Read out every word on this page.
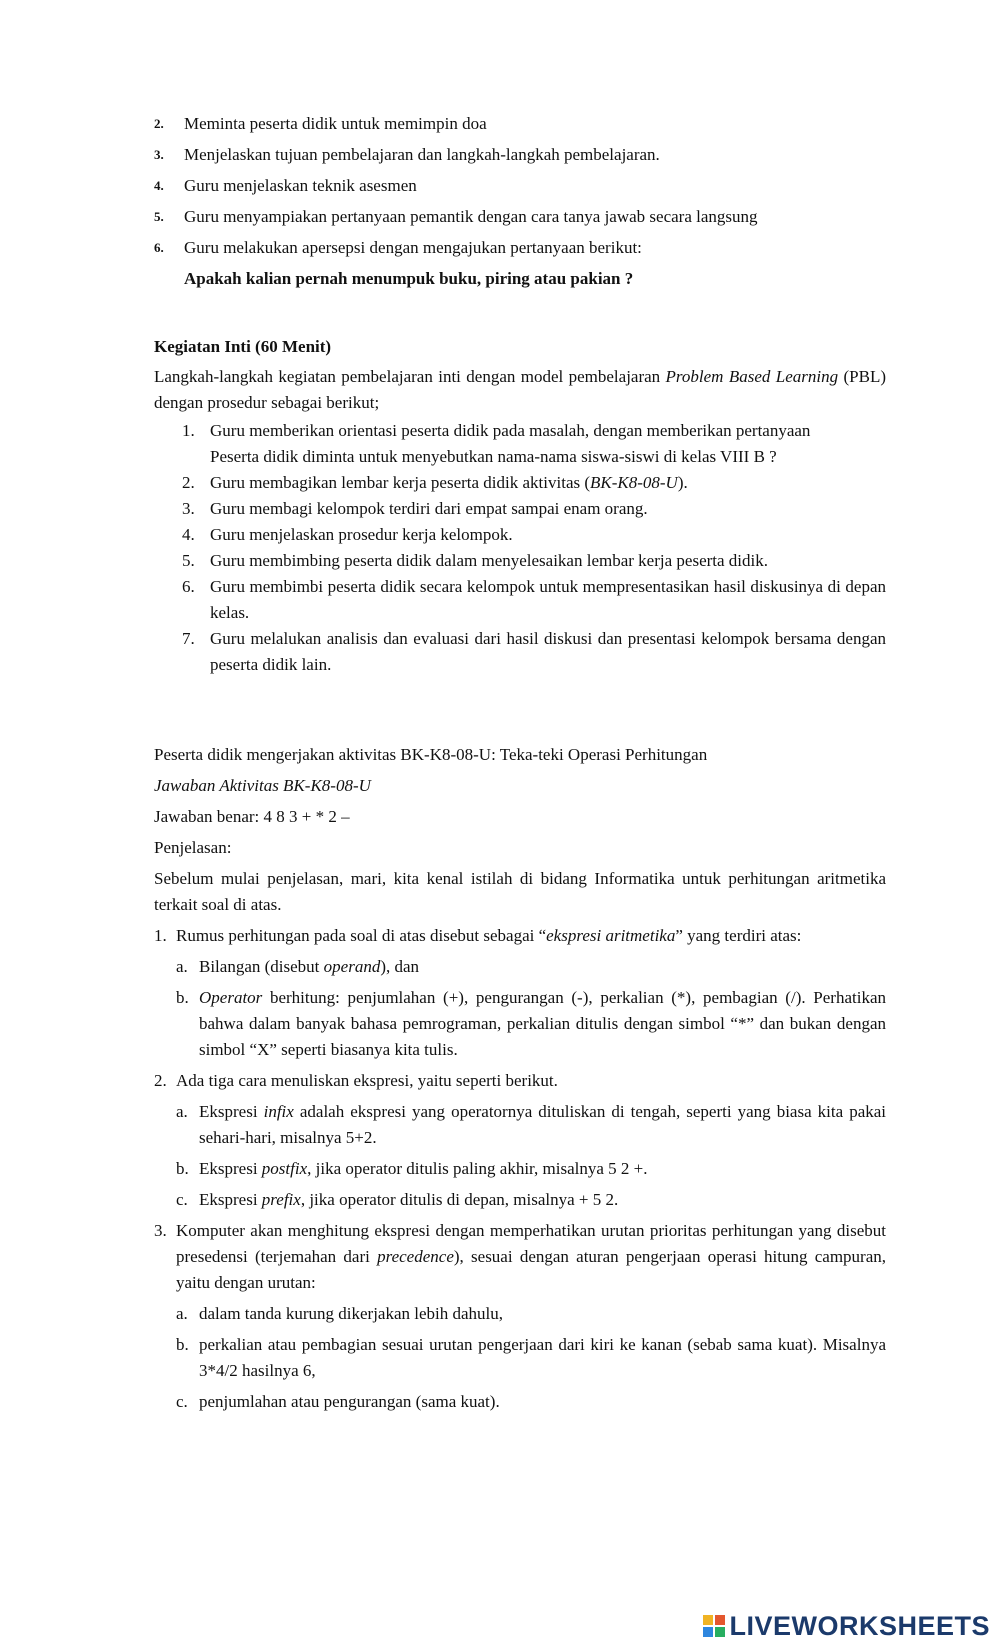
2.	Meminta peserta didik untuk memimpin doa
3.	Menjelaskan tujuan pembelajaran dan langkah-langkah pembelajaran.
4.	Guru menjelaskan teknik asesmen
5.	Guru menyampiakan pertanyaan pemantik dengan cara tanya jawab secara langsung
6.	Guru melakukan apersepsi dengan mengajukan pertanyaan berikut:

Apakah kalian pernah menumpuk buku, piring atau pakian ?

Kegiatan Inti (60 Menit)

Langkah-langkah kegiatan pembelajaran inti dengan model pembelajaran Problem Based Learning (PBL) dengan prosedur sebagai berikut;

1. Guru memberikan orientasi peserta didik pada masalah, dengan memberikan pertanyaan

Peserta didik diminta untuk menyebutkan nama-nama siswa-siswi di kelas VIII B ?

2. Guru membagikan lembar kerja peserta didik aktivitas (BK-K8-08-U).

3. Guru membagi kelompok terdiri dari empat sampai enam orang.

4. Guru menjelaskan prosedur kerja kelompok.

5. Guru membimbing peserta didik dalam menyelesaikan lembar kerja peserta didik.

6. Guru membimbi peserta didik secara kelompok untuk mempresentasikan hasil diskusinya di depan kelas.

7. Guru melalukan analisis dan evaluasi dari hasil diskusi dan presentasi kelompok bersama dengan peserta didik lain.

Peserta didik mengerjakan aktivitas BK-K8-08-U: Teka-teki Operasi Perhitungan

Jawaban Aktivitas BK-K8-08-U

Jawaban benar: 4 8 3 + * 2 –

Penjelasan:

Sebelum mulai penjelasan, mari, kita kenal istilah di bidang Informatika untuk perhitungan aritmetika terkait soal di atas.

1. Rumus perhitungan pada soal di atas disebut sebagai “ekspresi aritmetika” yang terdiri atas:

a. Bilangan (disebut operand), dan

b. Operator berhitung: penjumlahan (+), pengurangan (-), perkalian (*), pembagian (/). Perhatikan bahwa dalam banyak bahasa pemrograman, perkalian ditulis dengan simbol “*” dan bukan dengan simbol “X” seperti biasanya kita tulis.

2. Ada tiga cara menuliskan ekspresi, yaitu seperti berikut.

a. Ekspresi infix adalah ekspresi yang operatornya dituliskan di tengah, seperti yang biasa kita pakai sehari-hari, misalnya 5+2.

b. Ekspresi postfix, jika operator ditulis paling akhir, misalnya 5 2 +.

c. Ekspresi prefix, jika operator ditulis di depan, misalnya + 5 2.

3. Komputer akan menghitung ekspresi dengan memperhatikan urutan prioritas perhitungan yang disebut presedensi (terjemahan dari precedence), sesuai dengan aturan pengerjaan operasi hitung campuran, yaitu dengan urutan:

a. dalam tanda kurung dikerjakan lebih dahulu,

b. perkalian atau pembagian sesuai urutan pengerjaan dari kiri ke kanan (sebab sama kuat). Misalnya 3*4/2 hasilnya 6,

c. penjumlahan atau pengurangan (sama kuat).

LIVEWORKSHEETS
